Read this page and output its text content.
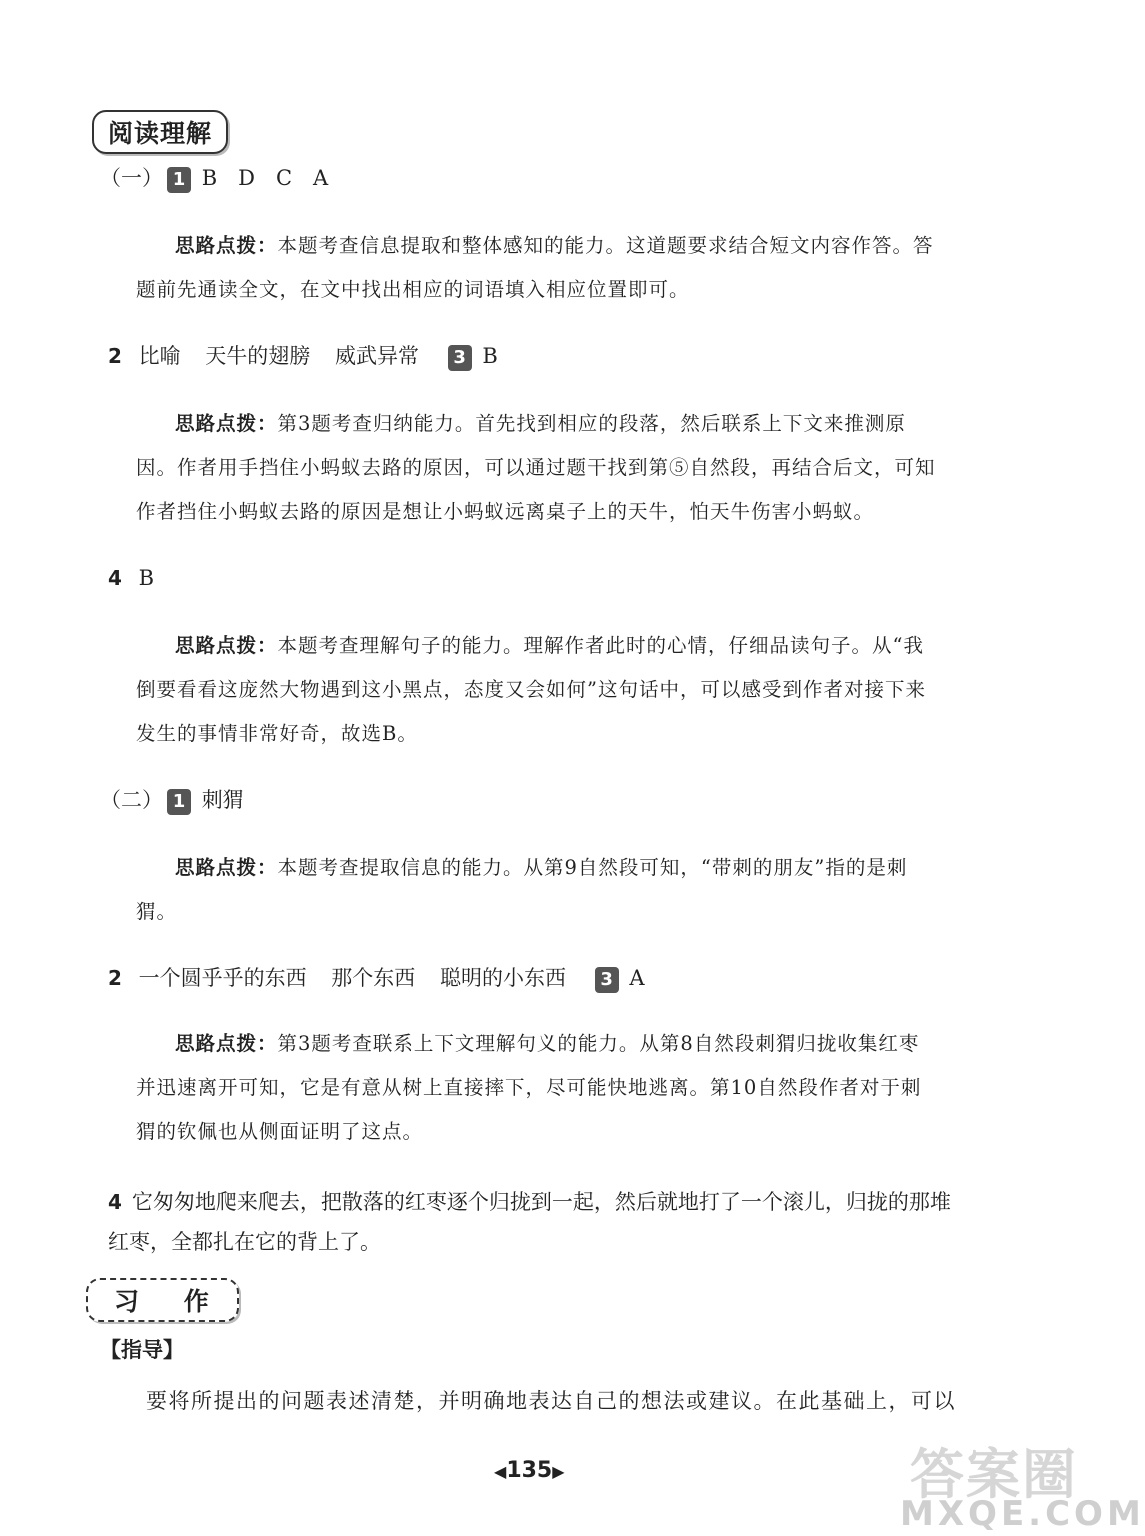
阅读理解
（一） 1 B　D　C　A
思路点拨：本题考查信息提取和整体感知的能力。这道题要求结合短文内容作答。答题前先通读全文，在文中找出相应的词语填入相应位置即可。
2 比喻 天牛的翅膀 威武异常 3 B
思路点拨：第3题考查归纳能力。首先找到相应的段落，然后联系上下文来推测原因。作者用手挡住小蚂蚁去路的原因，可以通过题干找到第⑤自然段，再结合后文，可知作者挡住小蚂蚁去路的原因是想让小蚂蚁远离桌子上的天牛，怕天牛伤害小蚂蚁。
4 B
思路点拨：本题考查理解句子的能力。理解作者此时的心情，仔细品读句子。从“我倒要看看这庞然大物遇到这小黑点，态度又会如何”这句话中，可以感受到作者对接下来发生的事情非常好奇，故选B。
（二） 1 刺猬
思路点拨：本题考查提取信息的能力。从第9自然段可知，“带刺的朋友”指的是刺猬。
2 一个圆乎乎的东西 那个东西 聪明的小东西 3 A
思路点拨：第3题考查联系上下文理解句义的能力。从第8自然段刺猬归拢收集红枣并迅速离开可知，它是有意从树上直接摔下，尽可能快地逃离。第10自然段作者对于刺猬的钦佩也从侧面证明了这点。
4 它匆匆地爬来爬去，把散落的红枣逐个归拢到一起，然后就地打了一个滚儿，归拢的那堆红枣，全都扎在它的背上了。
习 作
【指导】
要将所提出的问题表述清楚，并明确地表达自己的想法或建议。在此基础上，可以
◀135▶	答案圈
MXQE.COM
